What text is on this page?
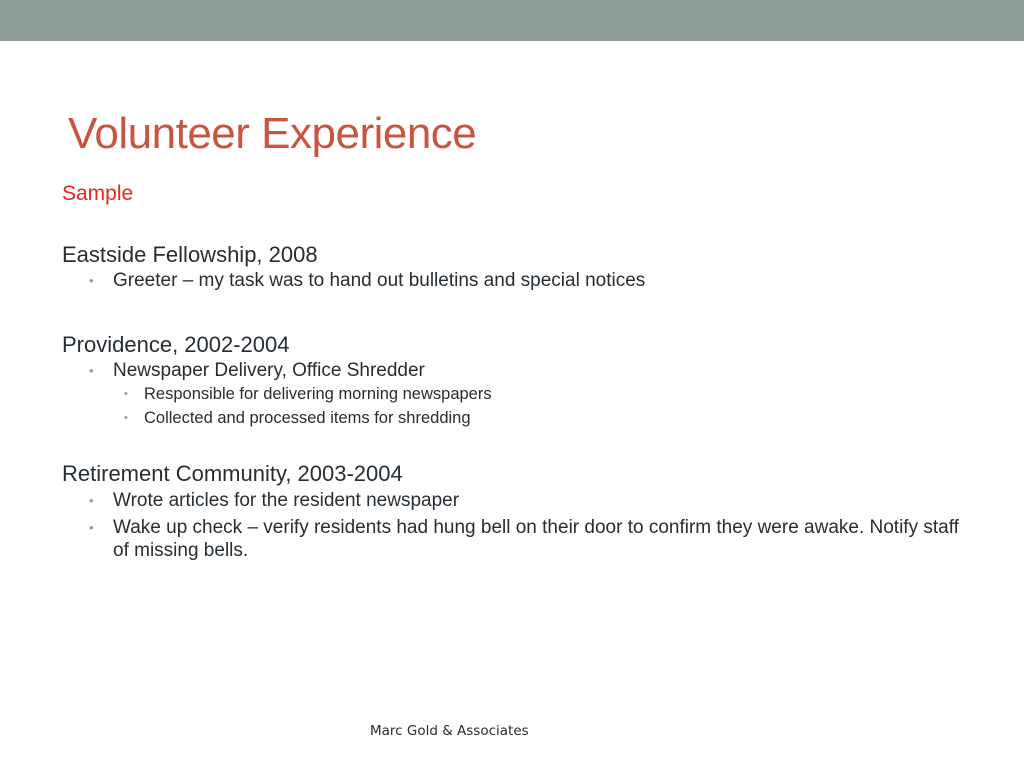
Volunteer Experience
Sample
Eastside Fellowship, 2008
• Greeter – my task was to hand out bulletins and special notices
Providence, 2002-2004
• Newspaper Delivery, Office Shredder
• Responsible for delivering morning newspapers
• Collected and processed items for shredding
Retirement Community, 2003-2004
• Wrote articles for the resident newspaper
• Wake up check – verify residents had hung bell on their door to confirm they were awake. Notify staff of missing bells.
Marc Gold & Associates
